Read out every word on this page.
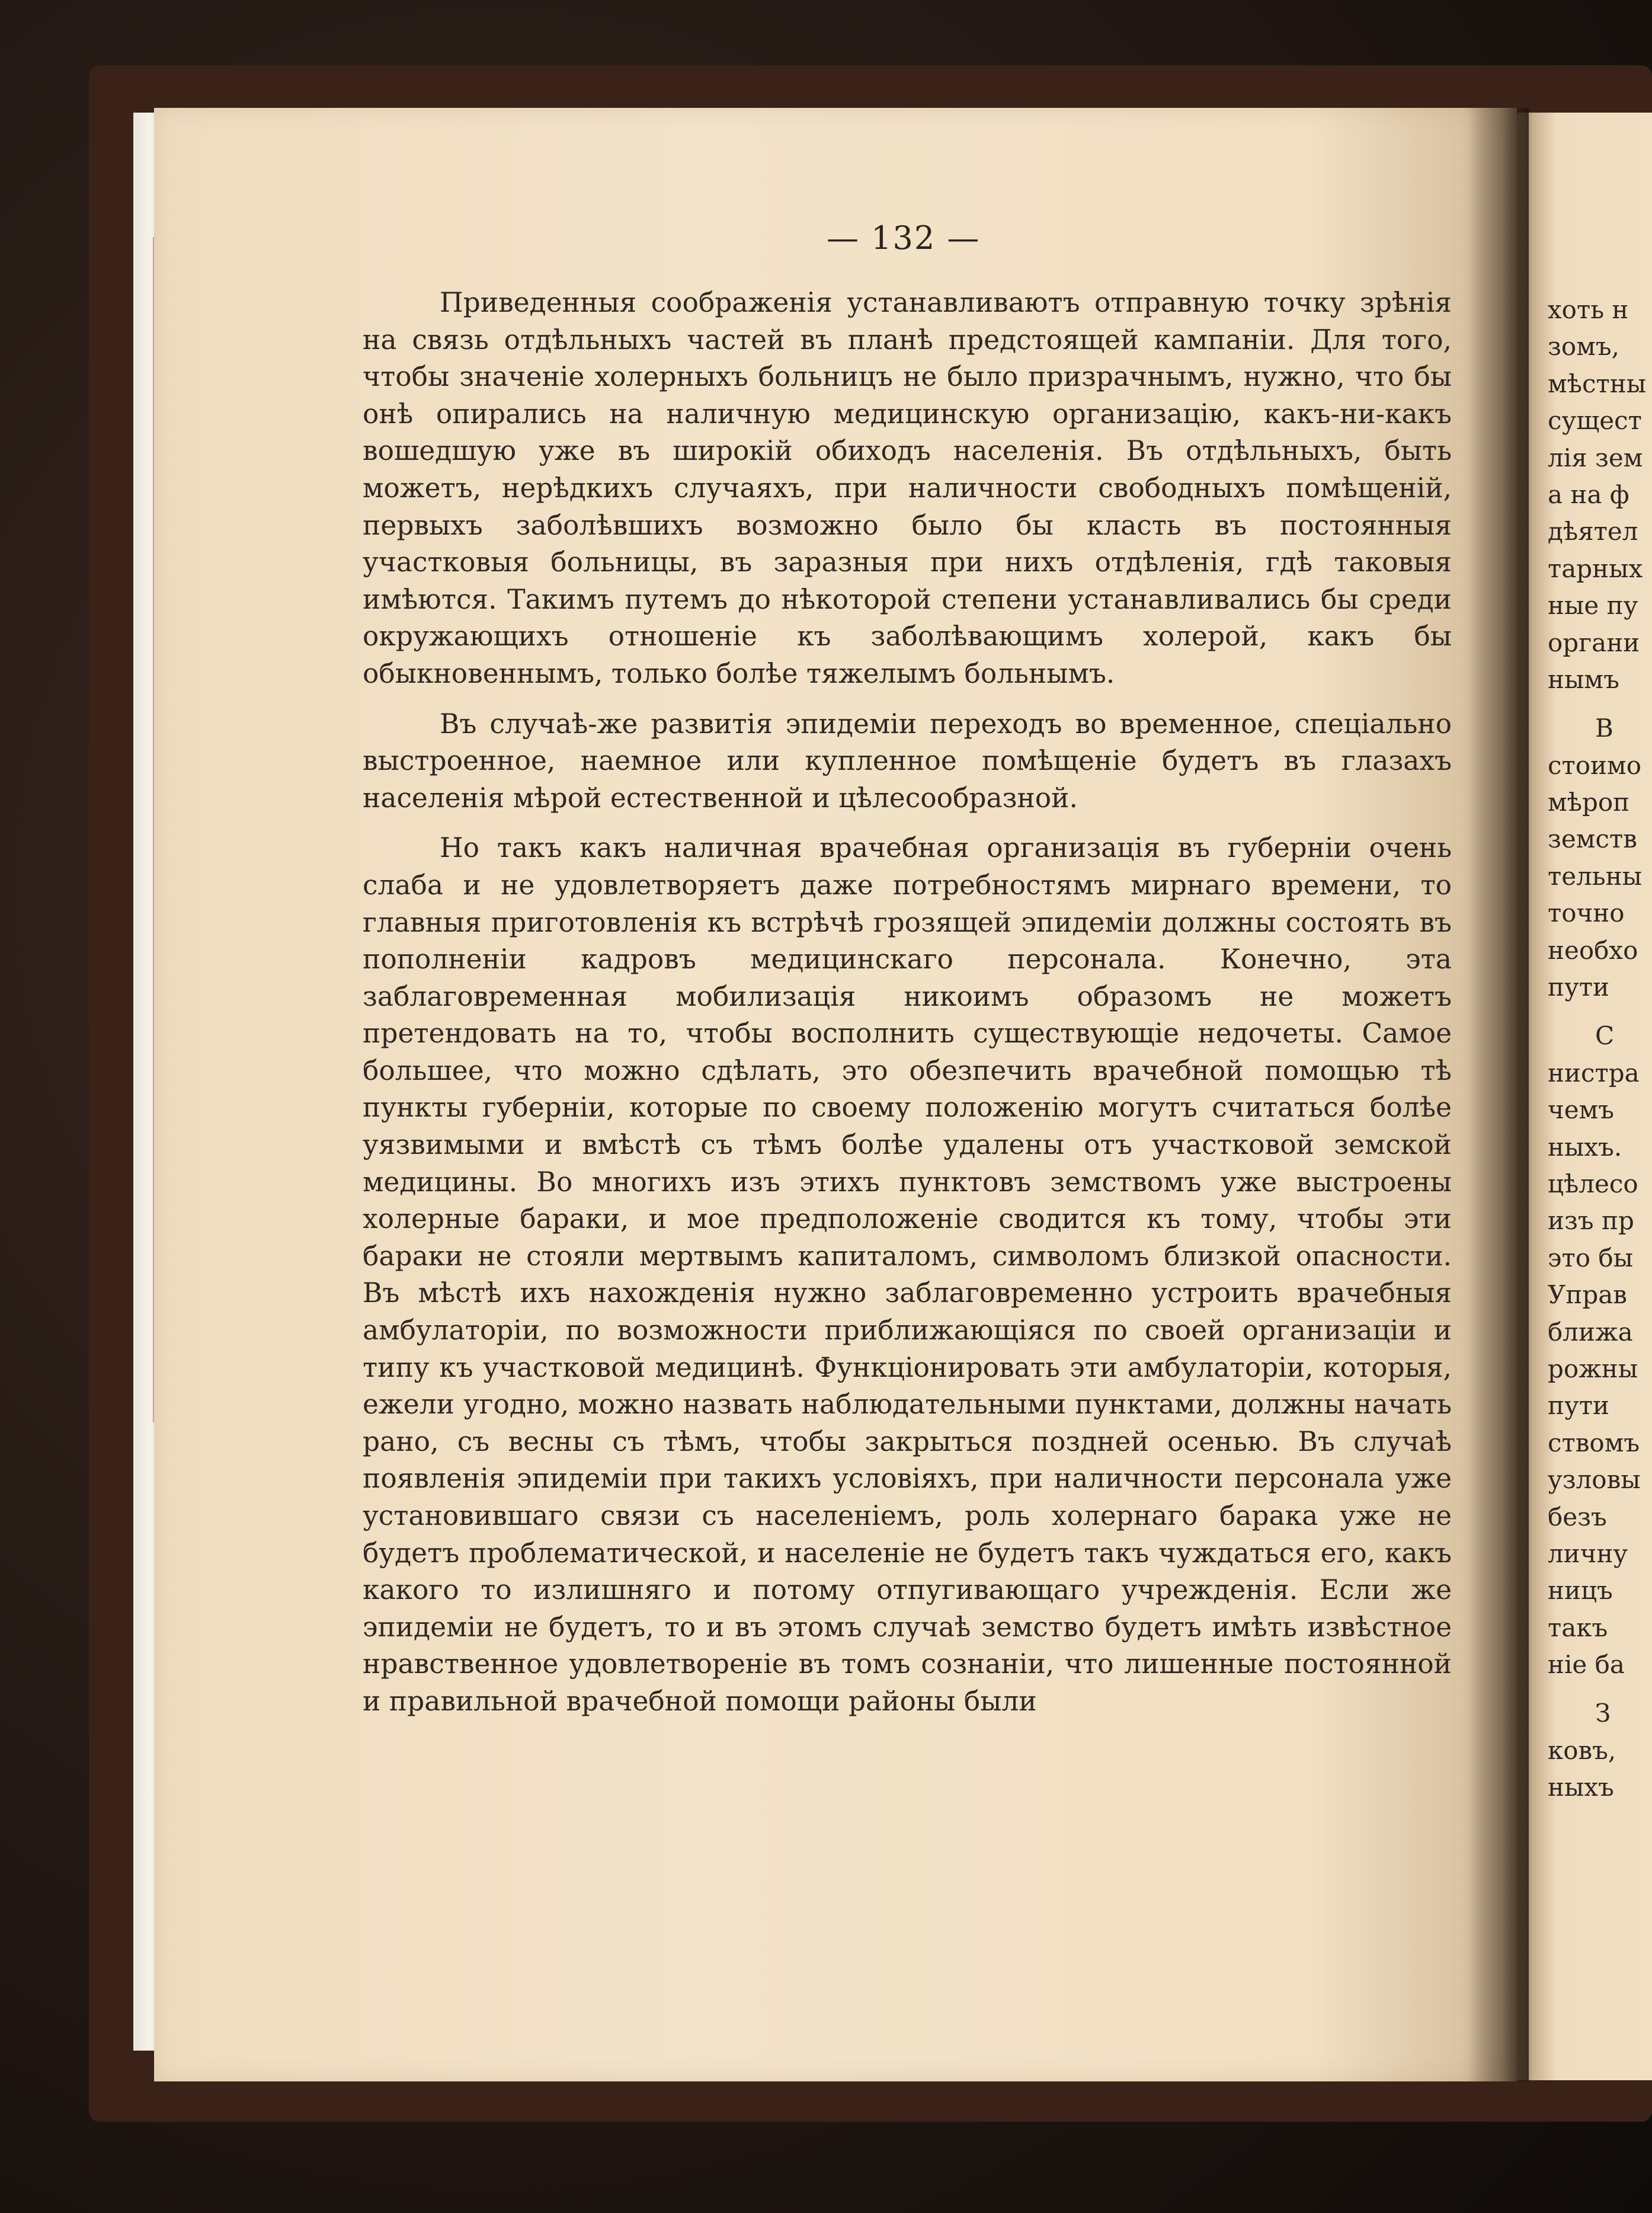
— 132 —

Приведенныя соображенія устанавливаютъ отправную точку зрѣнія на связь отдѣльныхъ частей въ планѣ предстоящей кампаніи. Для того, чтобы значеніе холерныхъ больницъ не было призрачнымъ, нужно, что бы онѣ опирались на наличную медицинскую организацію, какъ-ни-какъ вошедшую уже въ широкій обиходъ населенія. Въ отдѣльныхъ, быть можетъ, нерѣдкихъ случаяхъ, при наличности свободныхъ помѣщеній, первыхъ заболѣвшихъ возможно было бы класть въ постоянныя участковыя больницы, въ заразныя при нихъ отдѣленія, гдѣ таковыя имѣются. Такимъ путемъ до нѣкоторой степени устанавливались бы среди окружающихъ отношеніе къ заболѣвающимъ холерой, какъ бы обыкновеннымъ, только болѣе тяжелымъ больнымъ.

Въ случаѣ-же развитія эпидеміи переходъ во временное, спеціально выстроенное, наемное или купленное помѣщеніе будетъ въ глазахъ населенія мѣрой естественной и цѣлесообразной.

Но такъ какъ наличная врачебная организація въ губерніи очень слаба и не удовлетворяетъ даже потребностямъ мирнаго времени, то главныя приготовленія къ встрѣчѣ грозящей эпидеміи должны состоять въ пополненіи кадровъ медицинскаго персонала. Конечно, эта заблаговременная мобилизація никоимъ образомъ не можетъ претендовать на то, чтобы восполнить существующіе недочеты. Самое большее, что можно сдѣлать, это обезпечить врачебной помощью тѣ пункты губерніи, которые по своему положенію могутъ считаться болѣе уязвимыми и вмѣстѣ съ тѣмъ болѣе удалены отъ участковой земской медицины. Во многихъ изъ этихъ пунктовъ земствомъ уже выстроены холерные бараки, и мое предположеніе сводится къ тому, чтобы эти бараки не стояли мертвымъ капиталомъ, символомъ близкой опасности. Въ мѣстѣ ихъ нахожденія нужно заблаговременно устроить врачебныя амбулаторіи, по возможности приближающіяся по своей организаціи и типу къ участковой медицинѣ. Функціонировать эти амбулаторіи, которыя, ежели угодно, можно назвать наблюдательными пунктами, должны начать рано, съ весны съ тѣмъ, чтобы закрыться поздней осенью. Въ случаѣ появленія эпидеміи при такихъ условіяхъ, при наличности персонала уже установившаго связи съ населеніемъ, роль холернаго барака уже не будетъ проблематической, и населеніе не будетъ такъ чуждаться его, какъ какого то излишняго и потому отпугивающаго учрежденія. Если же эпидеміи не будетъ, то и въ этомъ случаѣ земство будетъ имѣть извѣстное нравственное удовлетвореніе въ томъ сознаніи, что лишенные постоянной и правильной врачебной помощи районы были

хоть н
зомъ,
мѣстны
сущест
лія зем
а на ф
дѣятел
тарных
ные пу
органи
нымъ
В
стоимо
мѣроп
земств
тельны
точно
необхо
пути
С
нистра
чемъ
ныхъ.
цѣлесо
изъ пр
это бы
Управ
ближа
рожны
пути
ствомъ
узловы
безъ
личну
ницъ
такъ
ніе ба
З
ковъ,
ныхъ
